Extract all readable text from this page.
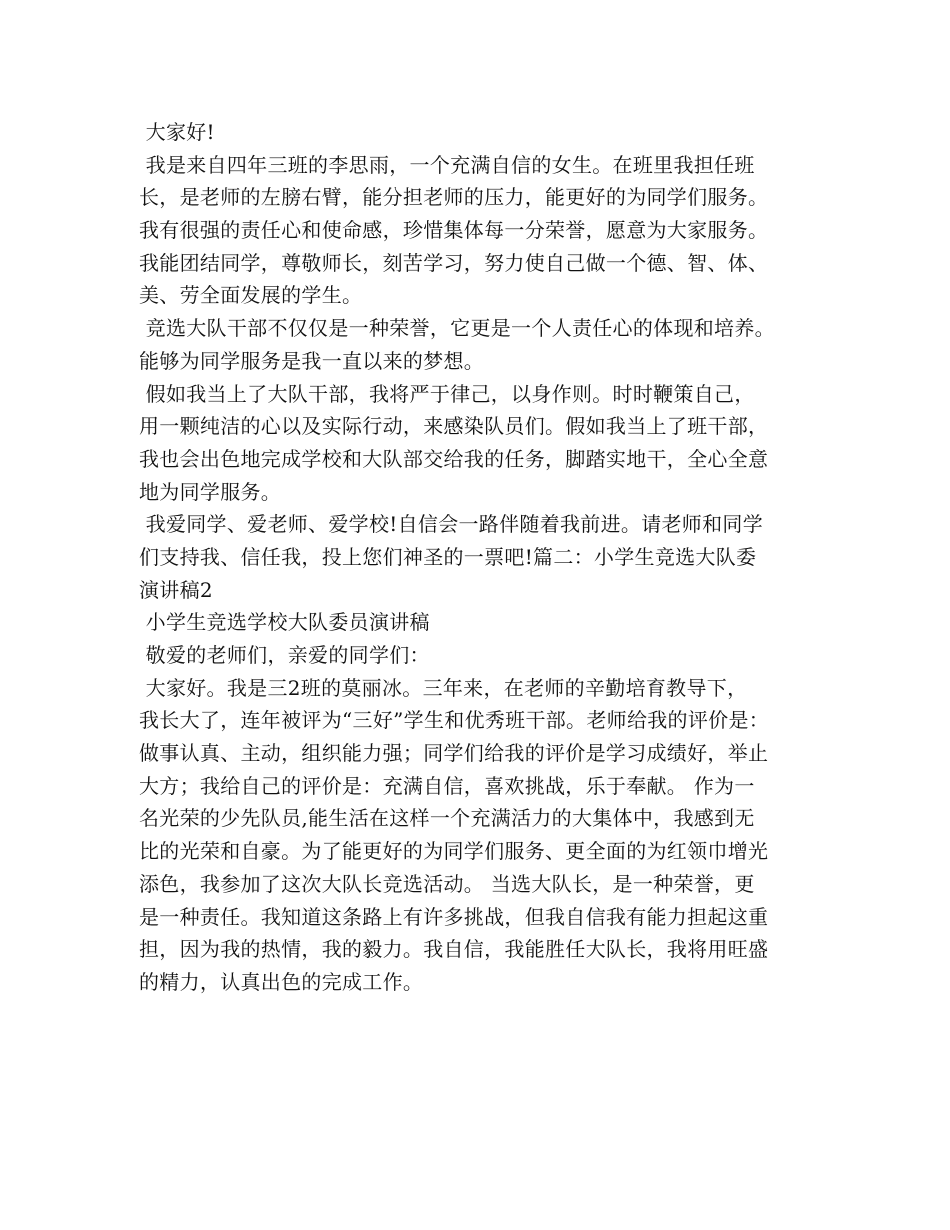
大家好!
我是来自四年三班的李思雨，一个充满自信的女生。在班里我担任班
长，是老师的左膀右臂，能分担老师的压力，能更好的为同学们服务。
我有很强的责任心和使命感，珍惜集体每一分荣誉，愿意为大家服务。
我能团结同学，尊敬师长，刻苦学习，努力使自己做一个德、智、体、
美、劳全面发展的学生。
竞选大队干部不仅仅是一种荣誉，它更是一个人责任心的体现和培养。
能够为同学服务是我一直以来的梦想。
假如我当上了大队干部，我将严于律己，以身作则。时时鞭策自己，
用一颗纯洁的心以及实际行动，来感染队员们。假如我当上了班干部，
我也会出色地完成学校和大队部交给我的任务，脚踏实地干，全心全意
地为同学服务。
我爱同学、爱老师、爱学校!自信会一路伴随着我前进。请老师和同学
们支持我、信任我，投上您们神圣的一票吧!篇二：小学生竞选大队委
演讲稿2
小学生竞选学校大队委员演讲稿
敬爱的老师们，亲爱的同学们：
大家好。我是三2班的莫丽冰。三年来，在老师的辛勤培育教导下，
我长大了，连年被评为“三好”学生和优秀班干部。老师给我的评价是：
做事认真、主动，组织能力强；同学们给我的评价是学习成绩好，举止
大方；我给自己的评价是：充满自信，喜欢挑战，乐于奉献。 作为一
名光荣的少先队员,能生活在这样一个充满活力的大集体中，我感到无
比的光荣和自豪。为了能更好的为同学们服务、更全面的为红领巾增光
添色，我参加了这次大队长竞选活动。 当选大队长，是一种荣誉，更
是一种责任。我知道这条路上有许多挑战，但我自信我有能力担起这重
担，因为我的热情，我的毅力。我自信，我能胜任大队长，我将用旺盛
的精力，认真出色的完成工作。
